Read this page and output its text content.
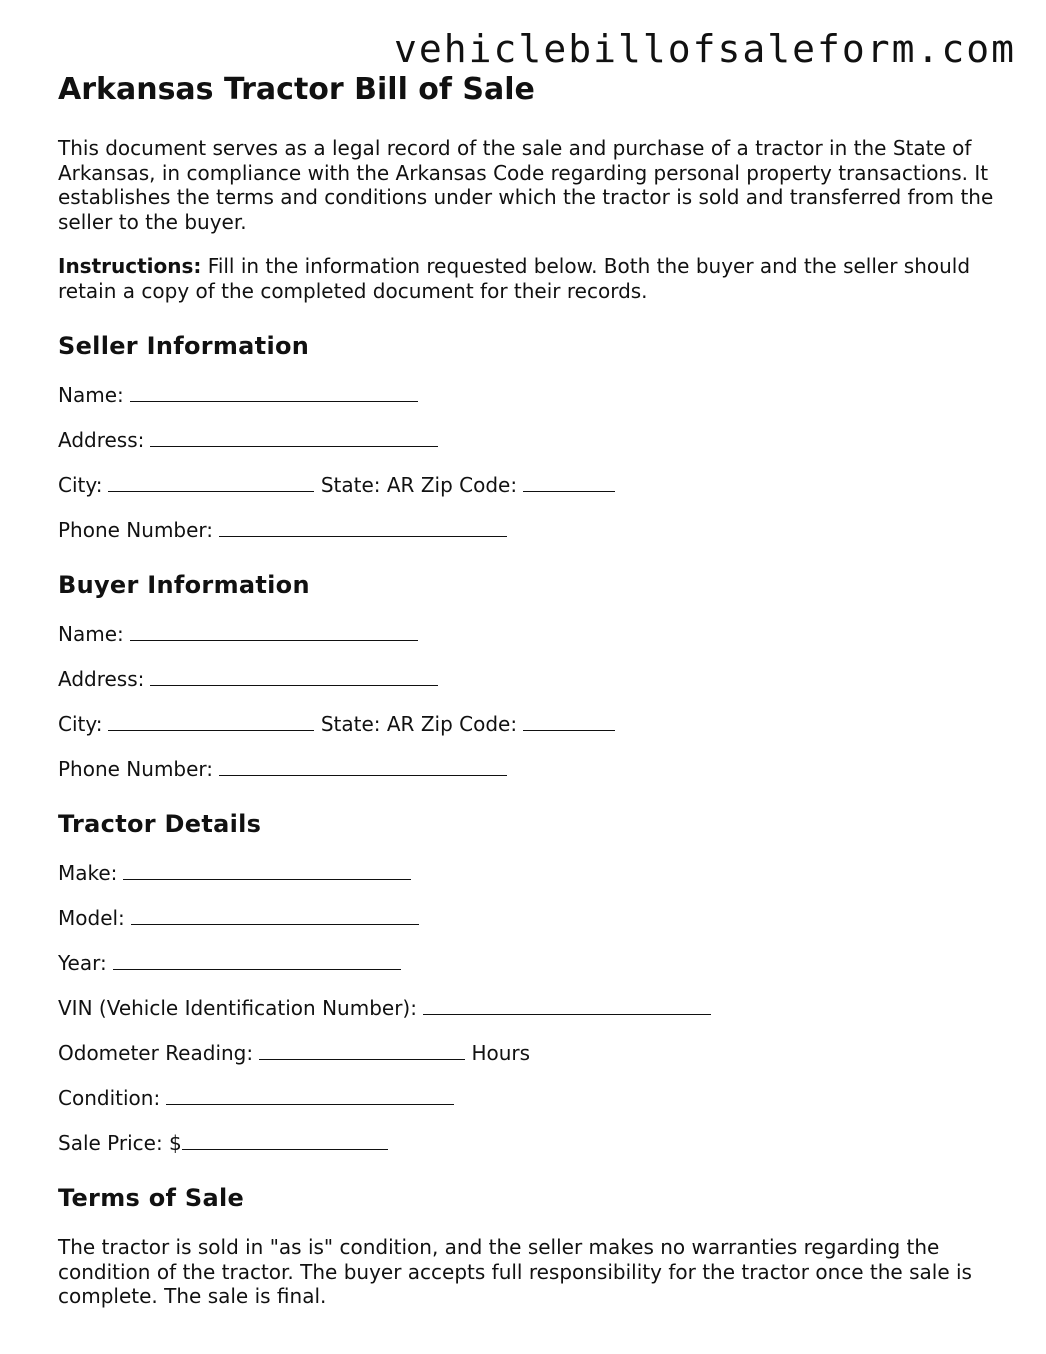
vehiclebillofsaleform.com
Arkansas Tractor Bill of Sale

This document serves as a legal record of the sale and purchase of a tractor in the State of Arkansas, in compliance with the Arkansas Code regarding personal property transactions. It establishes the terms and conditions under which the tractor is sold and transferred from the seller to the buyer.

Instructions: Fill in the information requested below. Both the buyer and the seller should retain a copy of the completed document for their records.

Seller Information
Name:
Address:
City:	State: AR Zip Code:
Phone Number:
Buyer Information
Name:
Address:
City:	State: AR Zip Code:
Phone Number:
Tractor Details
Make:
Model:
Year:
VIN (Vehicle Identification Number):
Odometer Reading:	Hours
Condition:
Sale Price: $
Terms of Sale

The tractor is sold in "as is" condition, and the seller makes no warranties regarding the condition of the tractor. The buyer accepts full responsibility for the tractor once the sale is complete. The sale is final.
